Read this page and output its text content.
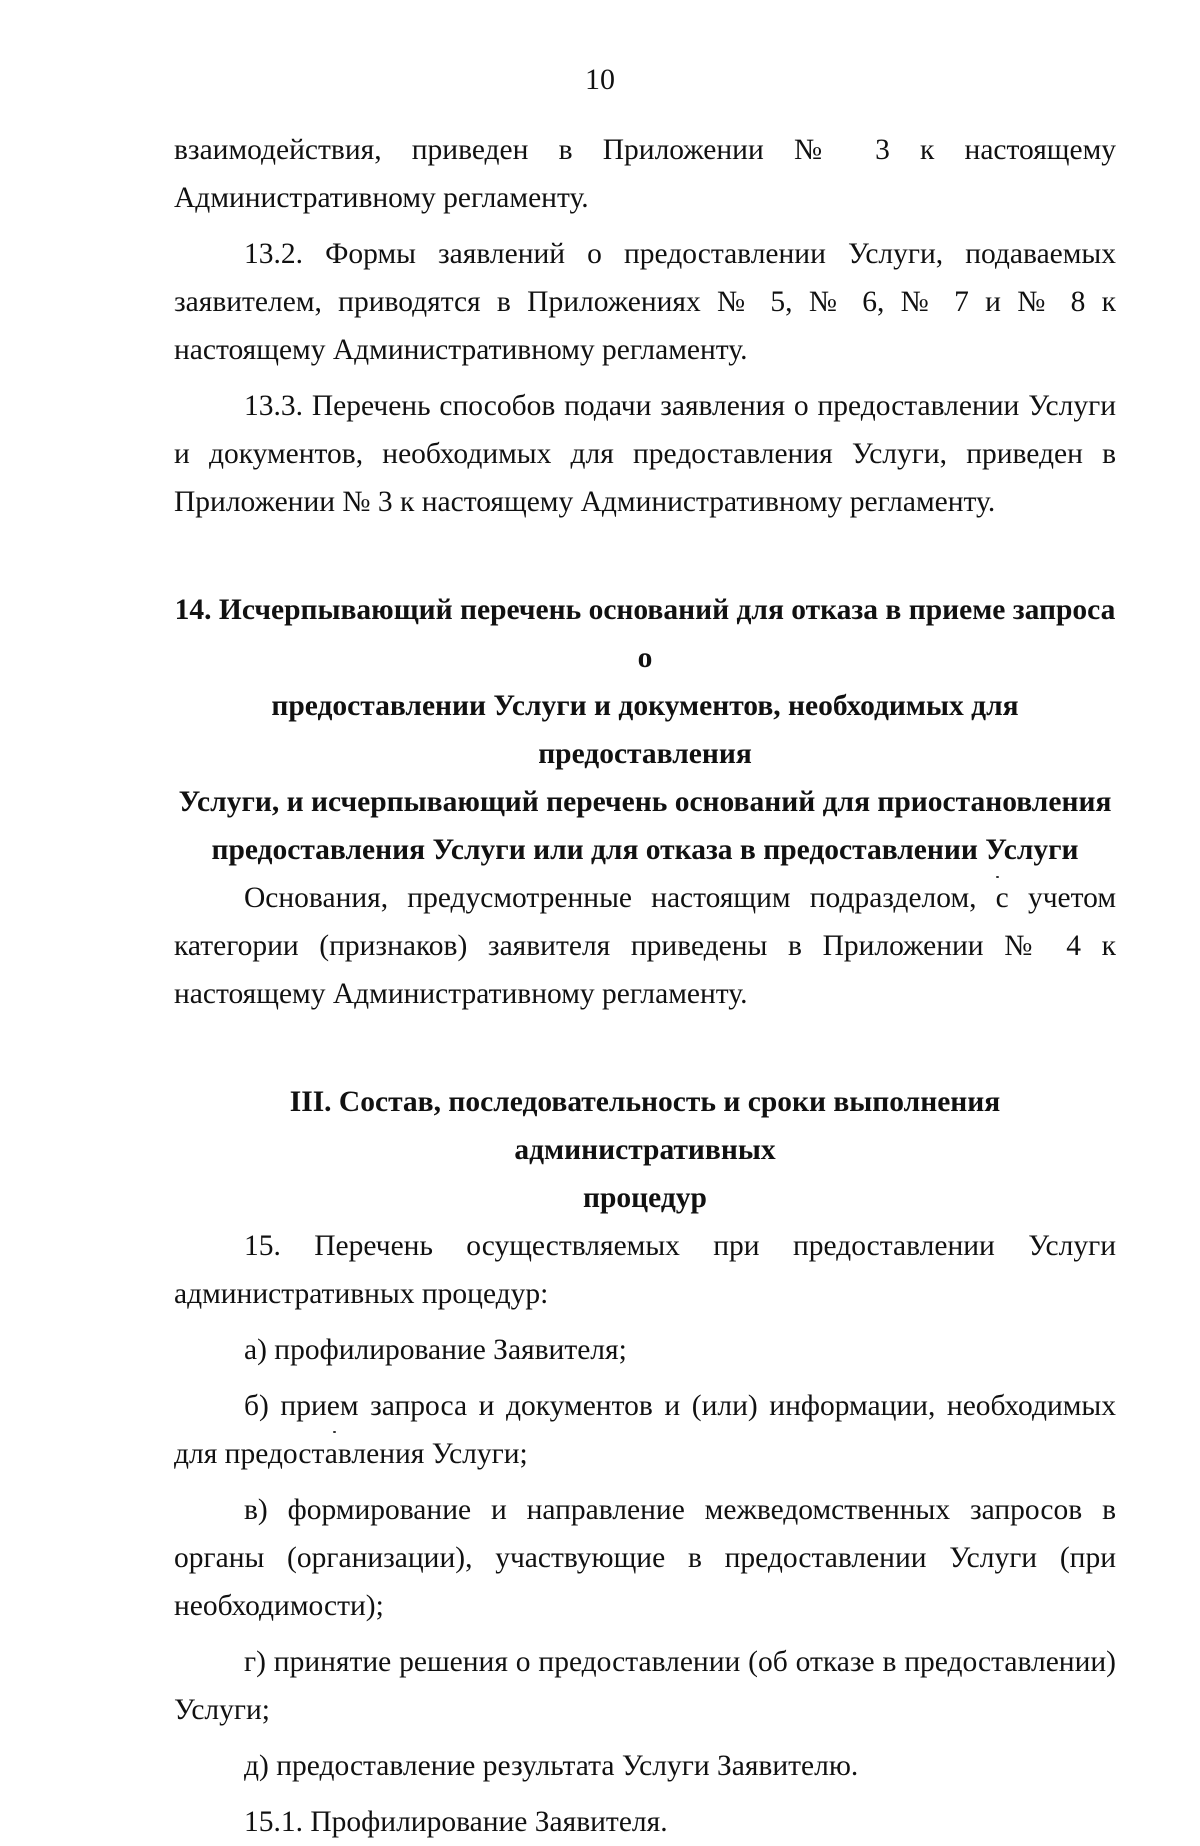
10

взаимодействия, приведен в Приложении № 3 к настоящему

Административному регламенту.

13.2. Формы заявлений о предоставлении Услуги, подаваемых заявителем, приводятся в Приложениях № 5, № 6, № 7 и № 8 к настоящему Административному регламенту.

13.3. Перечень способов подачи заявления о предоставлении Услуги и документов, необходимых для предоставления Услуги, приведен в Приложении № 3 к настоящему Административному регламенту.

14. Исчерпывающий перечень оснований для отказа в приеме запроса о
предоставлении Услуги и документов, необходимых для предоставления
Услуги, и исчерпывающий перечень оснований для приостановления
предоставления Услуги или для отказа в предоставлении Услуги

Основания, предусмотренные настоящим подразделом, с учетом категории (признаков) заявителя приведены в Приложении № 4 к настоящему Административному регламенту.

III. Состав, последовательность и сроки выполнения административных
процедур

15. Перечень осуществляемых при предоставлении Услуги административных процедур:

а) профилирование Заявителя;

б) прием запроса и документов и (или) информации, необходимых для предоставления Услуги;

в) формирование и направление межведомственных запросов в органы (организации), участвующие в предоставлении Услуги (при необходимости);

г) принятие решения о предоставлении (об отказе в предоставлении) Услуги;

д) предоставление результата Услуги Заявителю.

15.1. Профилирование Заявителя.
